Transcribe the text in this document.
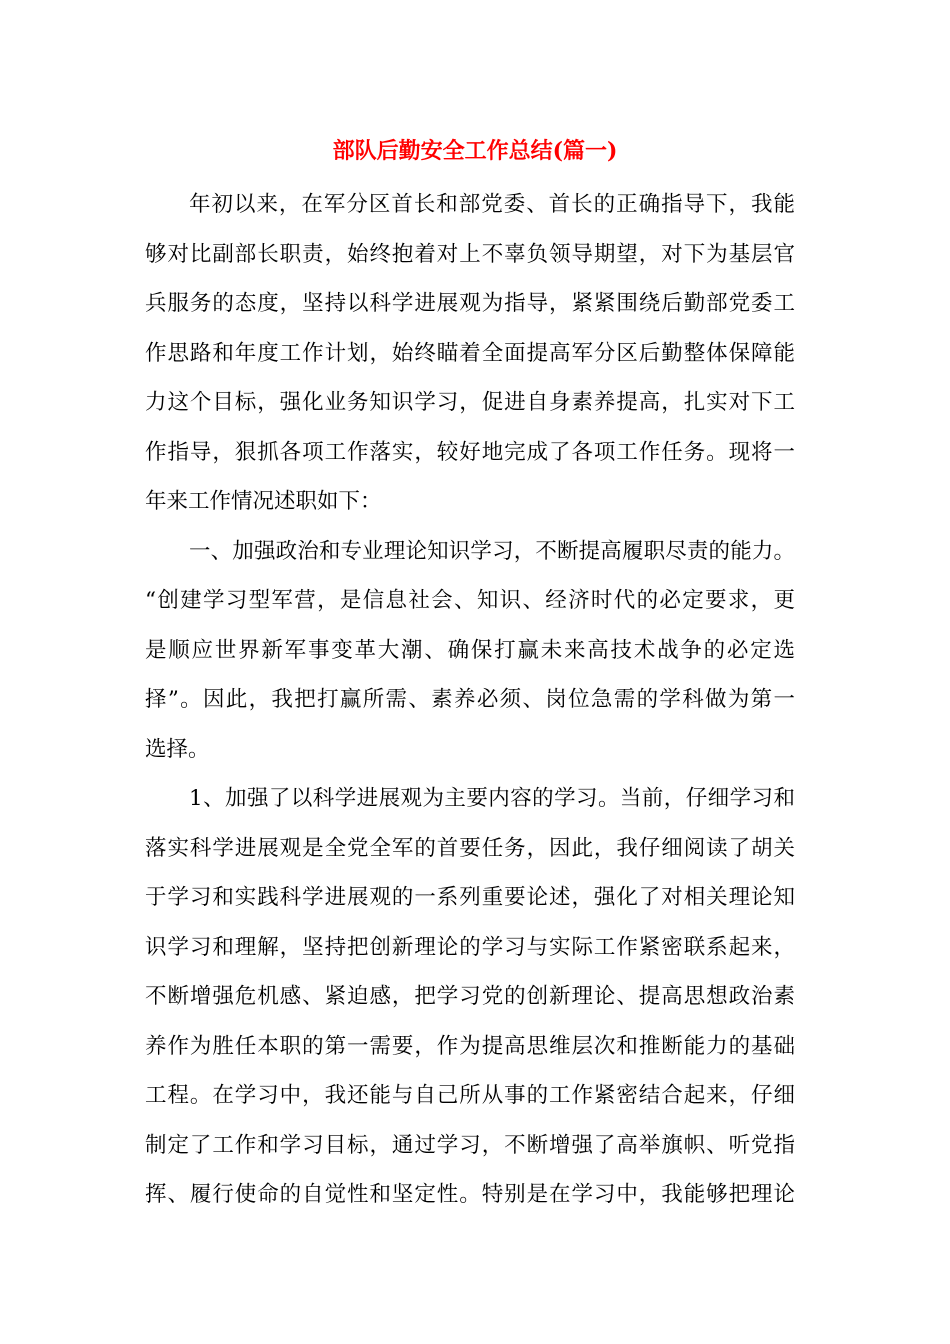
部队后勤安全工作总结(篇一)
年初以来，在军分区首长和部党委、首长的正确指导下，我能
够对比副部长职责，始终抱着对上不辜负领导期望，对下为基层官
兵服务的态度，坚持以科学进展观为指导，紧紧围绕后勤部党委工
作思路和年度工作计划，始终瞄着全面提高军分区后勤整体保障能
力这个目标，强化业务知识学习，促进自身素养提高，扎实对下工
作指导，狠抓各项工作落实，较好地完成了各项工作任务。现将一
年来工作情况述职如下：
一、加强政治和专业理论知识学习，不断提高履职尽责的能力。
“创建学习型军营，是信息社会、知识、经济时代的必定要求，更
是顺应世界新军事变革大潮、确保打赢未来高技术战争的必定选
择”。因此，我把打赢所需、素养必须、岗位急需的学科做为第一
选择。
1、加强了以科学进展观为主要内容的学习。当前，仔细学习和
落实科学进展观是全党全军的首要任务，因此，我仔细阅读了胡关
于学习和实践科学进展观的一系列重要论述，强化了对相关理论知
识学习和理解，坚持把创新理论的学习与实际工作紧密联系起来，
不断增强危机感、紧迫感，把学习党的创新理论、提高思想政治素
养作为胜任本职的第一需要，作为提高思维层次和推断能力的基础
工程。在学习中，我还能与自己所从事的工作紧密结合起来，仔细
制定了工作和学习目标，通过学习，不断增强了高举旗帜、听党指
挥、履行使命的自觉性和坚定性。特别是在学习中，我能够把理论
